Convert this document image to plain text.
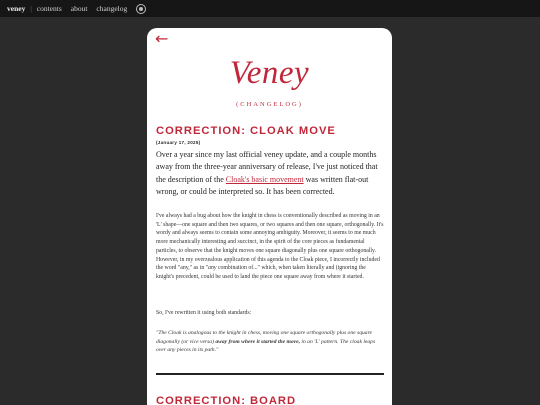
veney | contents about changelog
←
Veney
(CHANGELOG)
CORRECTION: CLOAK MOVE
(January 17, 2025)

Over a year since my last official veney update, and a couple months away from the three-year anniversary of release, I've just noticed that the description of the Cloak's basic movement was written flat-out wrong, or could be interpreted so. It has been corrected.

I've always had a bug about how the knight in chess is conventionally described as moving in an 'L' shape—one square and then two squares, or two squares and then one square, orthogonally. It's wordy and always seems to contain some annoying ambiguity. Moreover, it seems to me much more mechanically interesting and succinct, in the spirit of the core pieces as fundamental particles, to observe that the knight moves one square diagonally plus one square orthogonally. However, in my overzealous application of this agenda to the Cloak piece, I incorrectly included the word "any," as in "any combination of..." which, when taken literally and (ignoring the knight's precedent, could be used to land the piece one square away from where it started.

So, I've rewritten it using both standards:

"The Cloak is analogous to the knight in chess, moving one square orthogonally plus one square diagonally (or vice versa) away from where it started the move, in an 'L' pattern. The cloak leaps over any pieces in its path."

CORRECTION: BOARD
